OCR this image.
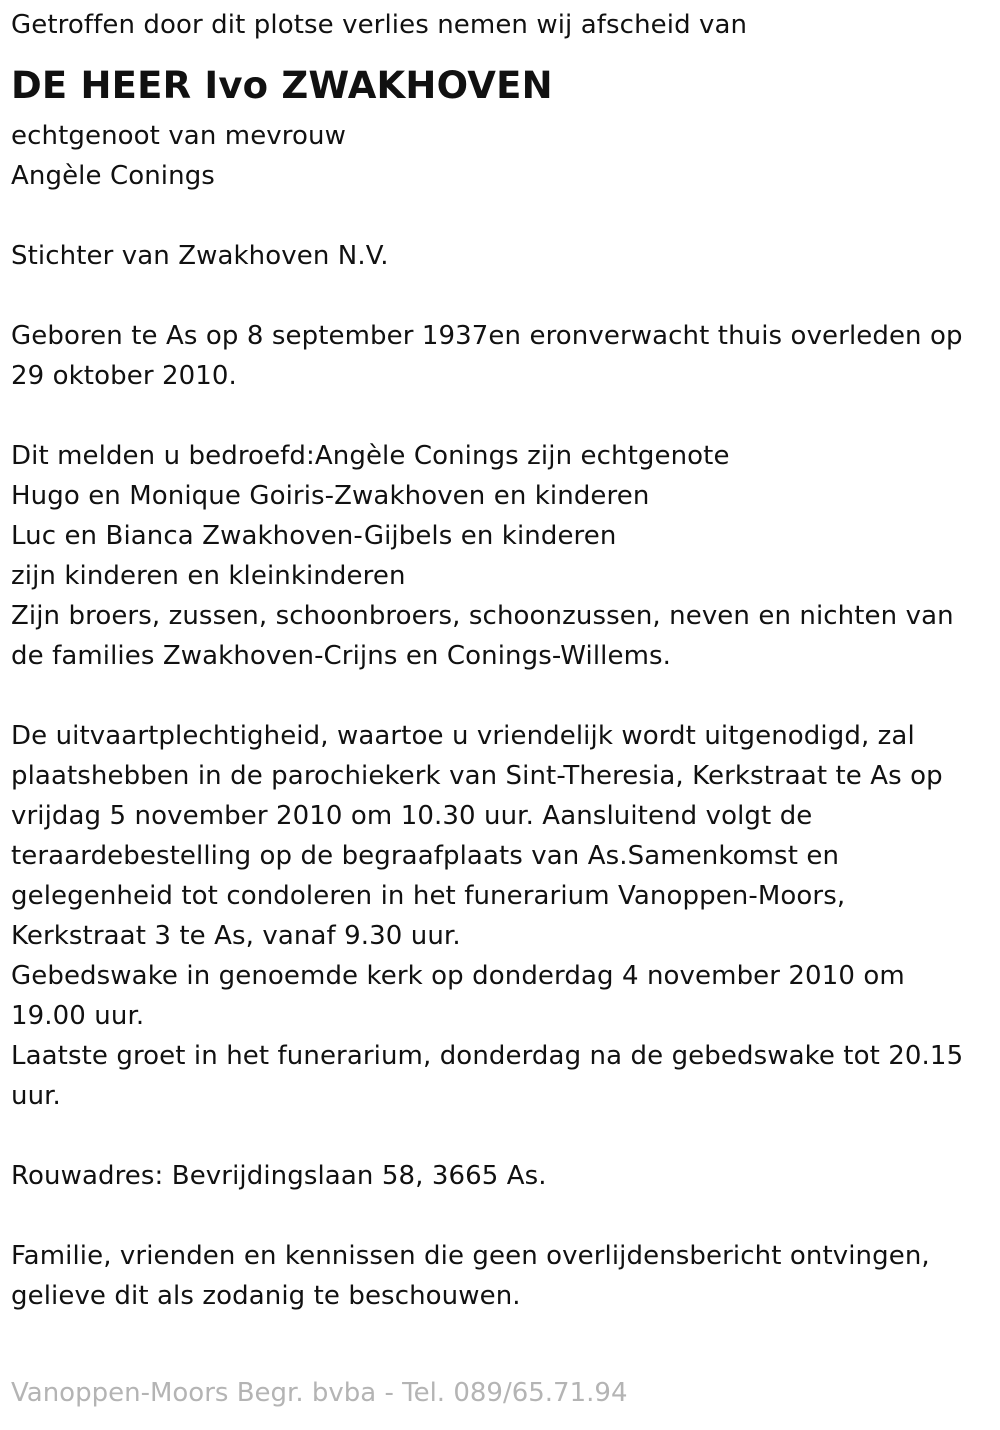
Getroffen door dit plotse verlies nemen wij afscheid van
DE HEER Ivo ZWAKHOVEN
echtgenoot van mevrouw
Angèle Conings
Stichter van Zwakhoven N.V.
Geboren te As op 8 september 1937en eronverwacht thuis overleden op
29 oktober 2010.
Dit melden u bedroefd:Angèle Conings zijn echtgenote
Hugo en Monique Goiris-Zwakhoven en kinderen
Luc en Bianca Zwakhoven-Gijbels en kinderen
zijn kinderen en kleinkinderen
Zijn broers, zussen, schoonbroers, schoonzussen, neven en nichten van
de families Zwakhoven-Crijns en Conings-Willems.
De uitvaartplechtigheid, waartoe u vriendelijk wordt uitgenodigd, zal
plaatshebben in de parochiekerk van Sint-Theresia, Kerkstraat te As op
vrijdag 5 november 2010 om 10.30 uur. Aansluitend volgt de
teraardebestelling op de begraafplaats van As.Samenkomst en
gelegenheid tot condoleren in het funerarium Vanoppen-Moors,
Kerkstraat 3 te As, vanaf 9.30 uur.
Gebedswake in genoemde kerk op donderdag 4 november 2010 om
19.00 uur.
Laatste groet in het funerarium, donderdag na de gebedswake tot 20.15
uur.
Rouwadres: Bevrijdingslaan 58, 3665 As.
Familie, vrienden en kennissen die geen overlijdensbericht ontvingen,
gelieve dit als zodanig te beschouwen.
Vanoppen-Moors Begr. bvba - Tel. 089/65.71.94
